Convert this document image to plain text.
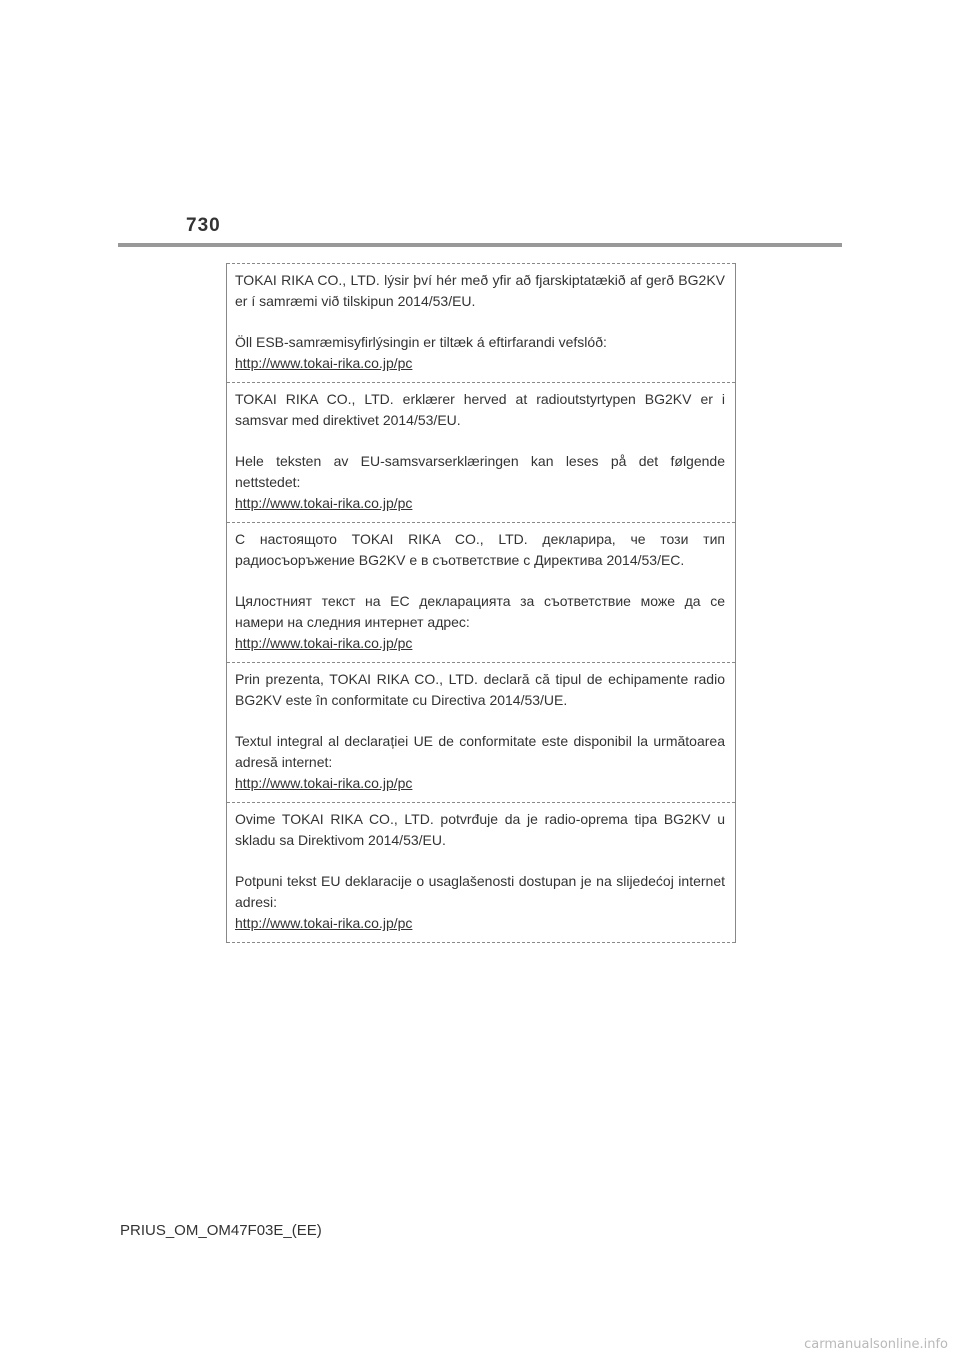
730

TOKAI RIKA CO., LTD. lýsir því hér með yfir að fjarskiptatækið af gerð BG2KV er í samræmi við tilskipun 2014/53/EU.

Öll ESB-samræmisyfirlýsingin er tiltæk á eftirfarandi vefslóð:

http://www.tokai-rika.co.jp/pc

TOKAI RIKA CO., LTD. erklærer herved at radioutstyrtypen BG2KV er i samsvar med direktivet 2014/53/EU.

Hele teksten av EU-samsvarserklæringen kan leses på det følgende nettstedet:

http://www.tokai-rika.co.jp/pc

С настоящото TOKAI RIKA CO., LTD. декларира, че този тип радиосъоръжение BG2KV е в съответствие с Директива 2014/53/ЕС.

Цялостният текст на ЕС декларацията за съответствие може да се намери на следния интернет адрес:

http://www.tokai-rika.co.jp/pc

Prin prezenta, TOKAI RIKA CO., LTD. declară că tipul de echipamente radio BG2KV este în conformitate cu Directiva 2014/53/UE.

Textul integral al declarației UE de conformitate este disponibil la următoarea adresă internet:

http://www.tokai-rika.co.jp/pc

Ovime TOKAI RIKA CO., LTD. potvrđuje da je radio-oprema tipa BG2KV u skladu sa Direktivom 2014/53/EU.

Potpuni tekst EU deklaracije o usaglašenosti dostupan je na slijedećoj internet adresi:

http://www.tokai-rika.co.jp/pc
PRIUS_OM_OM47F03E_(EE)
carmanualsonline.info
